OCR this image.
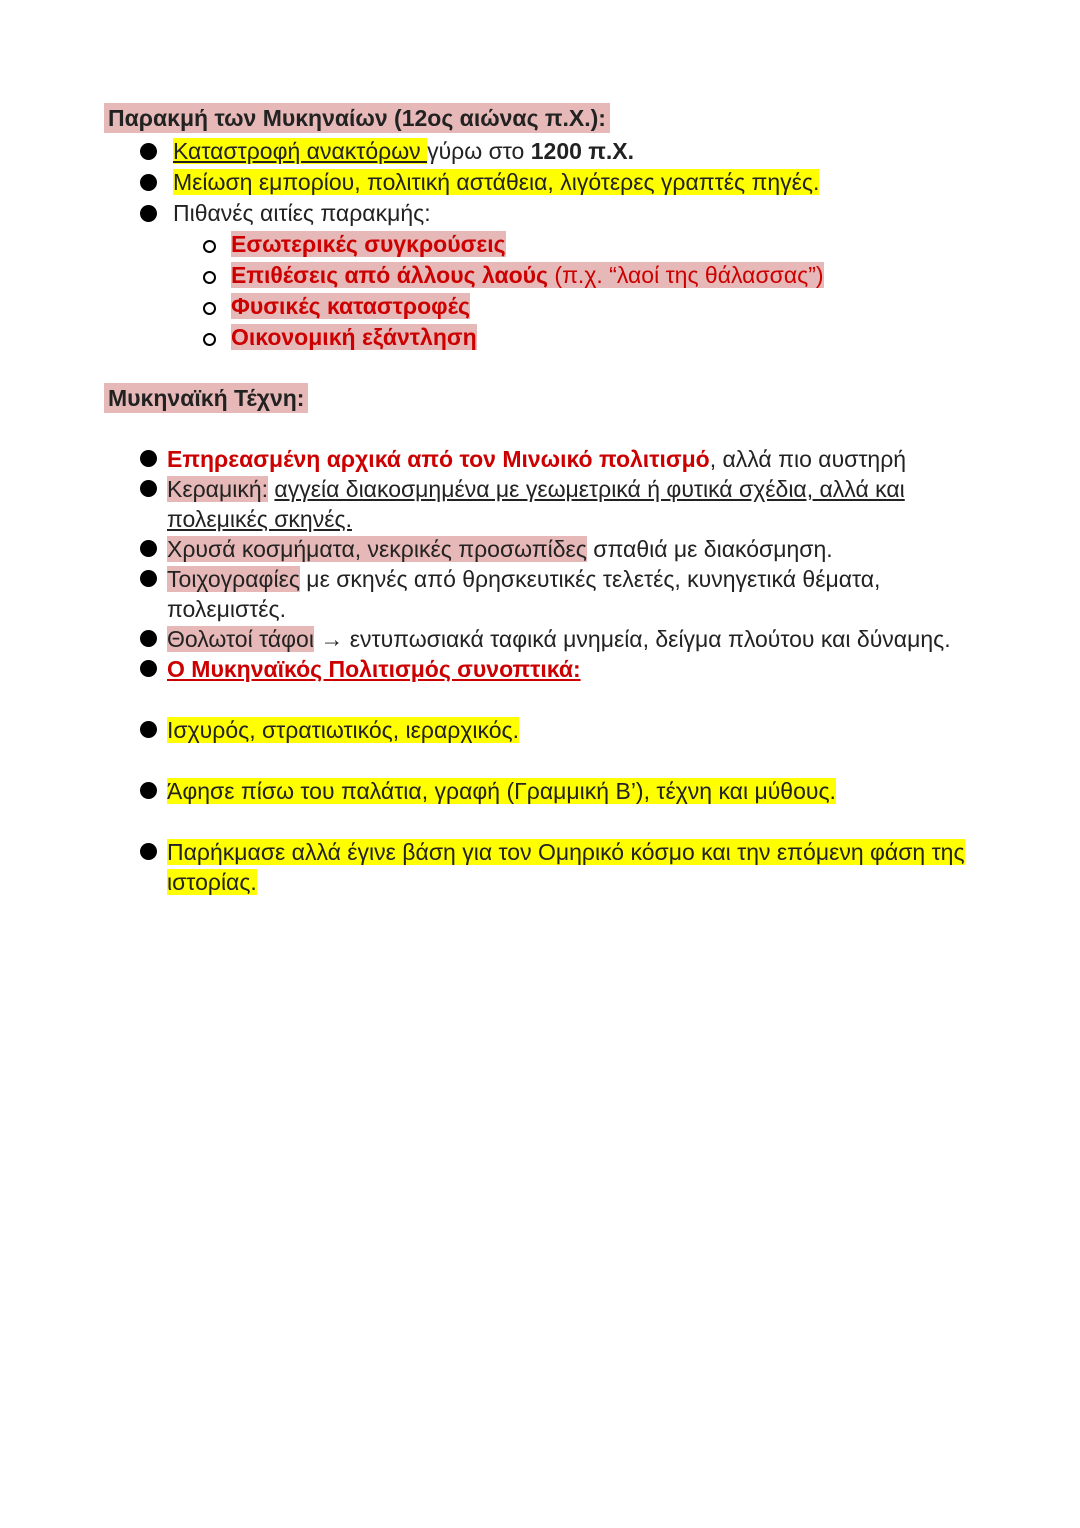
Παρακμή των Μυκηναίων (12ος αιώνας π.Χ.):
Καταστροφή ανακτόρων γύρω στο 1200 π.Χ.
Μείωση εμπορίου, πολιτική αστάθεια, λιγότερες γραπτές πηγές.
Πιθανές αιτίες παρακμής:
Εσωτερικές συγκρούσεις
Επιθέσεις από άλλους λαούς (π.χ. “λαοί της θάλασσας”)
Φυσικές καταστροφές
Οικονομική εξάντληση
Μυκηναϊκή Τέχνη:
Επηρεασμένη αρχικά από τον Μινωικό πολιτισμό, αλλά πιο αυστηρή
Κεραμική: αγγεία διακοσμημένα με γεωμετρικά ή φυτικά σχέδια, αλλά και πολεμικές σκηνές.
Χρυσά κοσμήματα, νεκρικές προσωπίδες σπαθιά με διακόσμηση.
Τοιχογραφίες με σκηνές από θρησκευτικές τελετές, κυνηγετικά θέματα, πολεμιστές.
Θολωτοί τάφοι → εντυπωσιακά ταφικά μνημεία, δείγμα πλούτου και δύναμης.
Ο Μυκηναϊκός Πολιτισμός συνοπτικά:
Ισχυρός, στρατιωτικός, ιεραρχικός.
Άφησε πίσω του παλάτια, γραφή (Γραμμική Β’), τέχνη και μύθους.
Παρήκμασε αλλά έγινε βάση για τον Ομηρικό κόσμο και την επόμενη φάση της ιστορίας.
